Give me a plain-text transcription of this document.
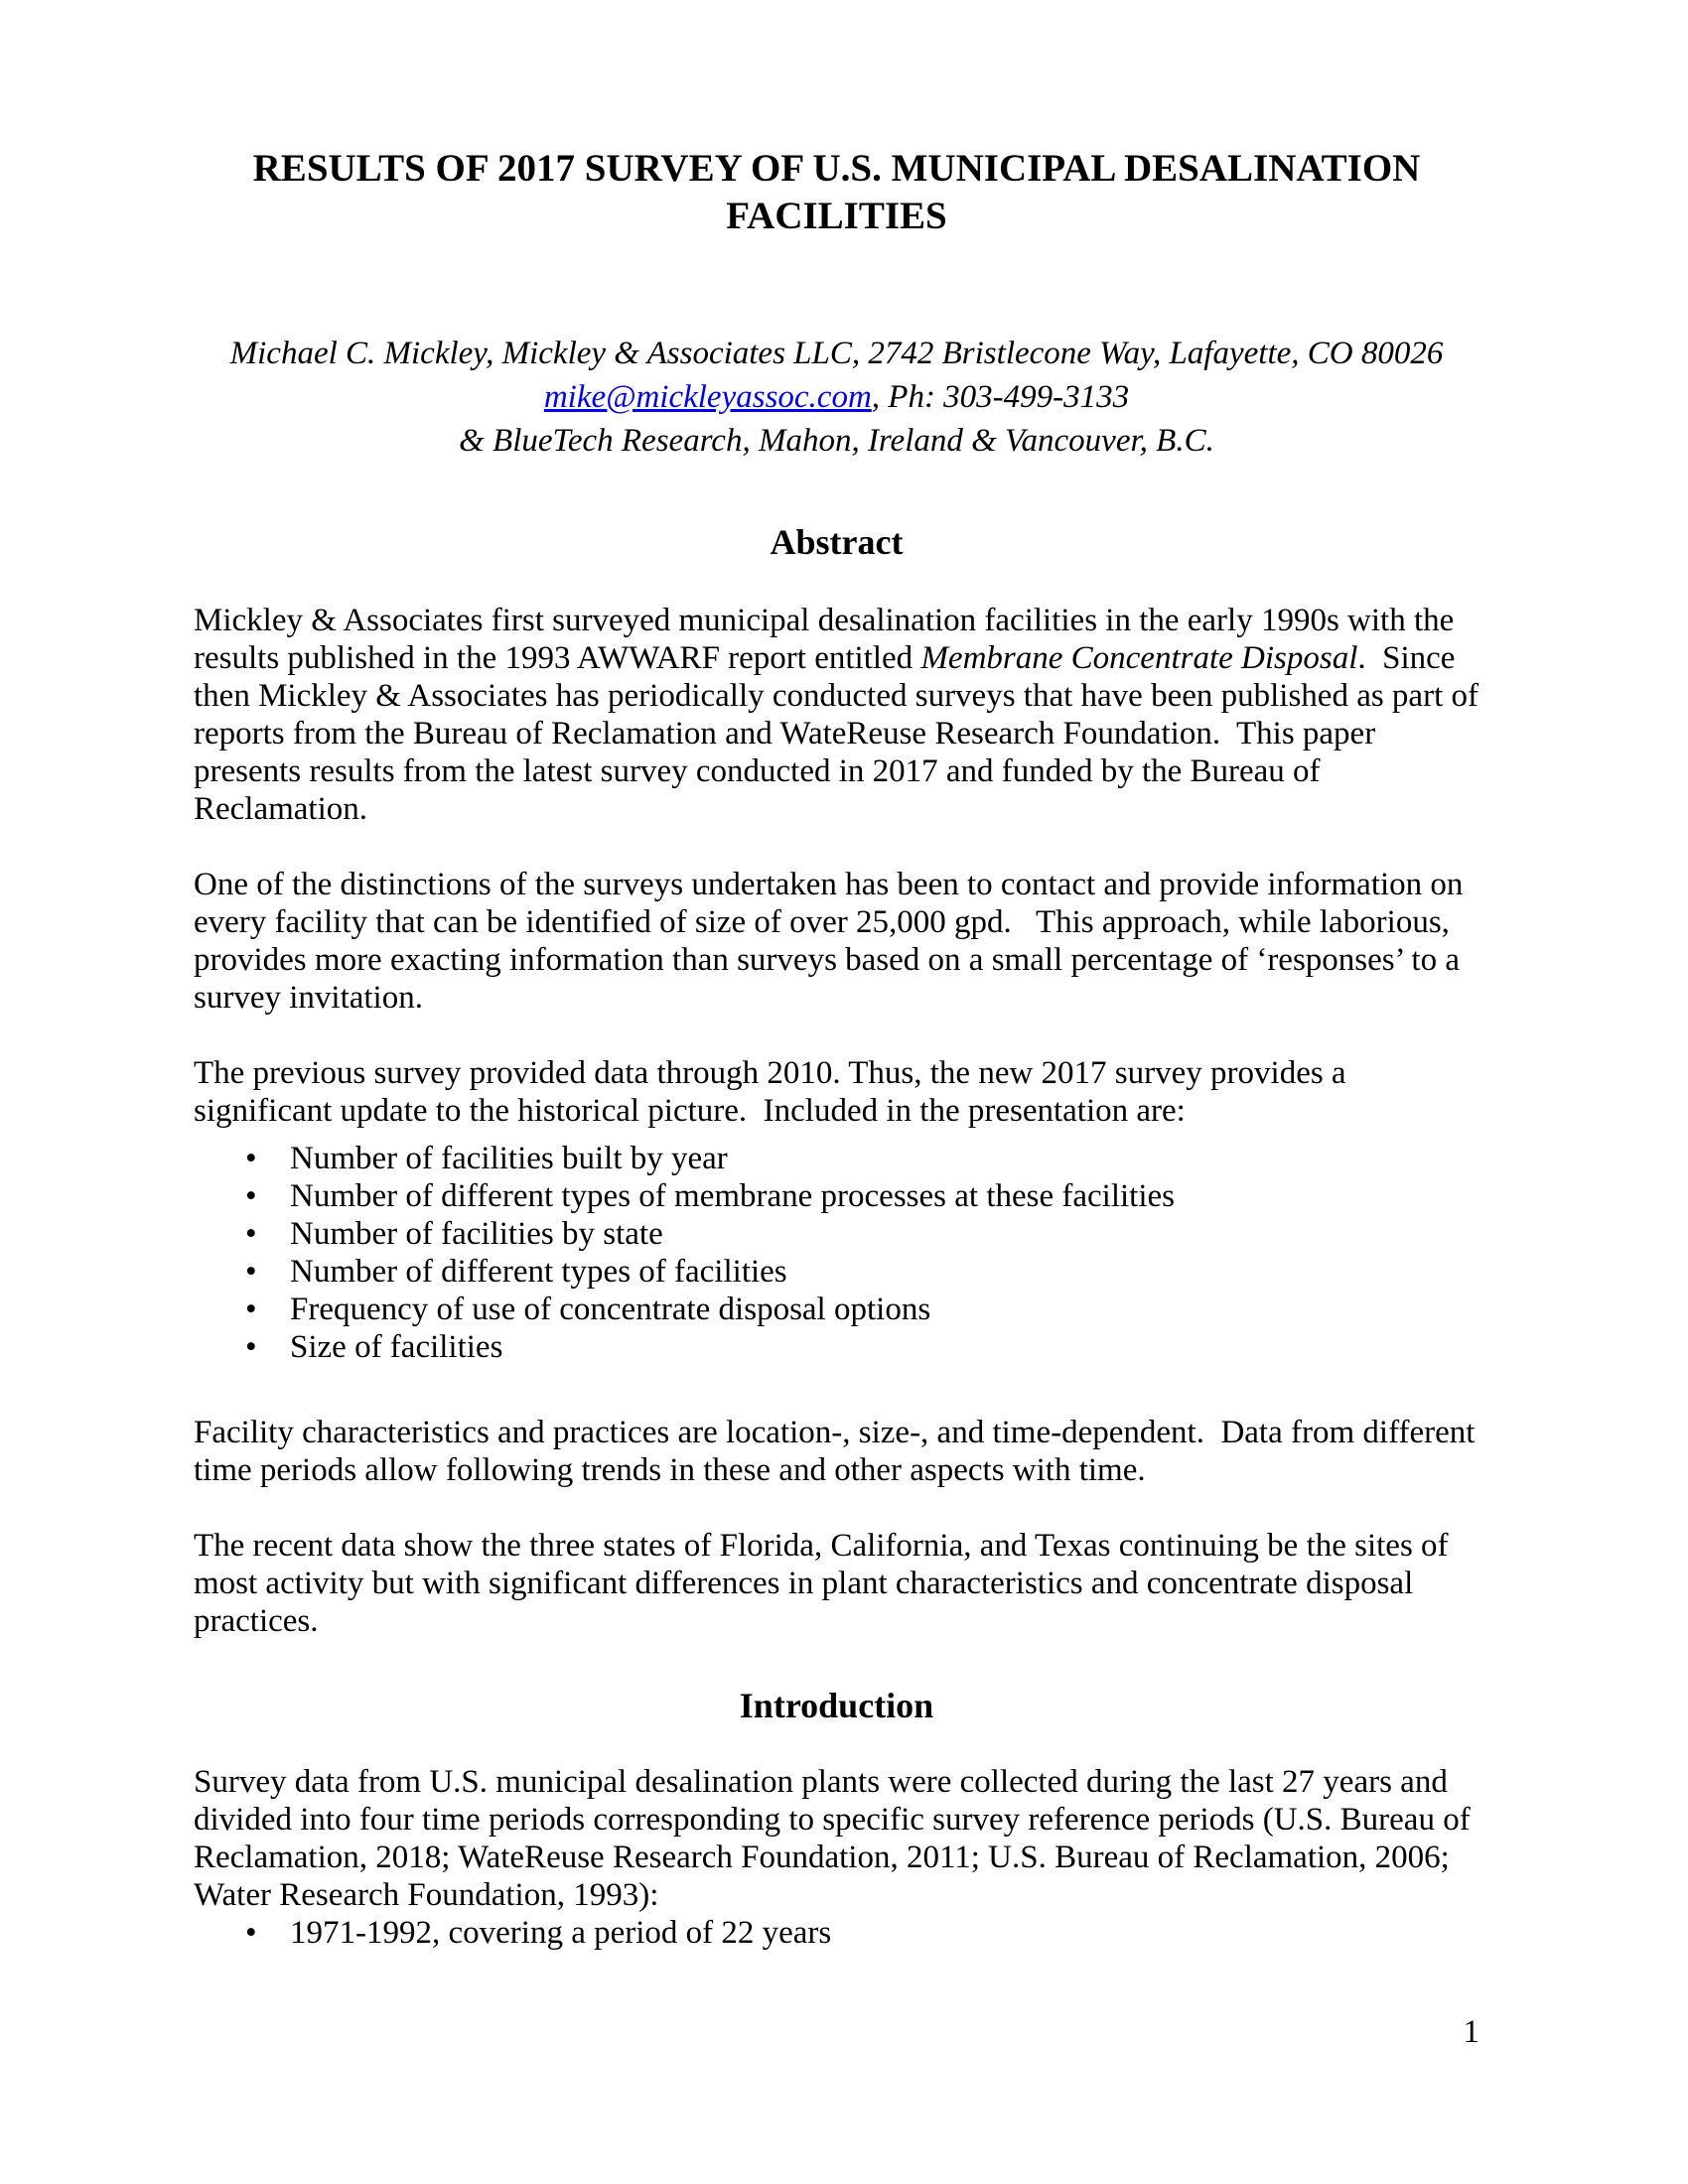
RESULTS OF 2017 SURVEY OF U.S. MUNICIPAL DESALINATION
FACILITIES
Michael C. Mickley, Mickley & Associates LLC, 2742 Bristlecone Way, Lafayette, CO 80026
mike@mickleyassoc.com, Ph: 303-499-3133
& BlueTech Research, Mahon, Ireland & Vancouver, B.C.
Abstract

Mickley & Associates first surveyed municipal desalination facilities in the early 1990s with the results published in the 1993 AWWARF report entitled Membrane Concentrate Disposal.  Since then Mickley & Associates has periodically conducted surveys that have been published as part of reports from the Bureau of Reclamation and WateReuse Research Foundation.  This paper presents results from the latest survey conducted in 2017 and funded by the Bureau of Reclamation.

One of the distinctions of the surveys undertaken has been to contact and provide information on every facility that can be identified of size of over 25,000 gpd.   This approach, while laborious, provides more exacting information than surveys based on a small percentage of ‘responses’ to a survey invitation.

The previous survey provided data through 2010. Thus, the new 2017 survey provides a significant update to the historical picture.  Included in the presentation are:

• Number of facilities built by year
• Number of different types of membrane processes at these facilities
• Number of facilities by state
• Number of different types of facilities
• Frequency of use of concentrate disposal options
• Size of facilities

Facility characteristics and practices are location-, size-, and time-dependent.  Data from different time periods allow following trends in these and other aspects with time.

The recent data show the three states of Florida, California, and Texas continuing be the sites of most activity but with significant differences in plant characteristics and concentrate disposal practices.

Introduction

Survey data from U.S. municipal desalination plants were collected during the last 27 years and divided into four time periods corresponding to specific survey reference periods (U.S. Bureau of Reclamation, 2018; WateReuse Research Foundation, 2011; U.S. Bureau of Reclamation, 2006; Water Research Foundation, 1993):

• 1971-1992, covering a period of 22 years
1
